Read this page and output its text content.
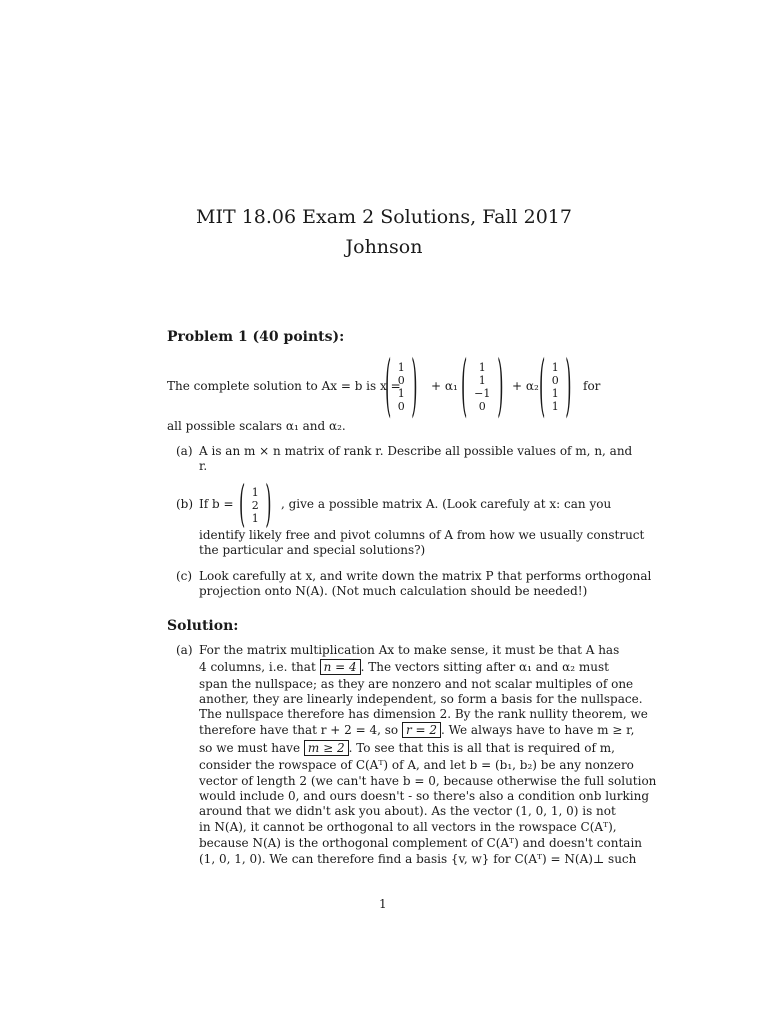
MIT 18.06 Exam 2 Solutions, Fall 2017
Johnson
Problem 1 (40 points):
The complete solution to Ax = b is x =
( 1
0
1
0 ) + α₁ ( 1
1
−1
0 ) + α₂ ( 1
0
1
1 ) for
all possible scalars α₁ and α₂.
(a) A is an m × n matrix of rank r. Describe all possible values of m, n, and
r.
(b) If b = ( 1
2
1 ) , give a possible matrix A. (Look carefuly at x: can you
identify likely free and pivot columns of A from how we usually construct
the particular and special solutions?)
(c) Look carefully at x, and write down the matrix P that performs orthogonal
projection onto N(A). (Not much calculation should be needed!)
Solution:
(a) For the matrix multiplication Ax to make sense, it must be that A has
4 columns, i.e. that n = 4 . The vectors sitting after α₁ and α₂ must
span the nullspace; as they are nonzero and not scalar multiples of one
another, they are linearly independent, so form a basis for the nullspace.
The nullspace therefore has dimension 2. By the rank nullity theorem, we
therefore have that r + 2 = 4, so r = 2 . We always have to have m ≥ r,
so we must have m ≥ 2 . To see that this is all that is required of m,
consider the rowspace of C(Aᵀ) of A, and let b = (b₁, b₂) be any nonzero
vector of length 2 (we can't have b = 0, because otherwise the full solution
would include 0, and ours doesn't - so there's also a condition onb lurking
around that we didn't ask you about). As the vector (1, 0, 1, 0) is not
in N(A), it cannot be orthogonal to all vectors in the rowspace C(Aᵀ),
because N(A) is the orthogonal complement of C(Aᵀ) and doesn't contain
(1, 0, 1, 0). We can therefore find a basis {v, w} for C(Aᵀ) = N(A)⊥ such
1
